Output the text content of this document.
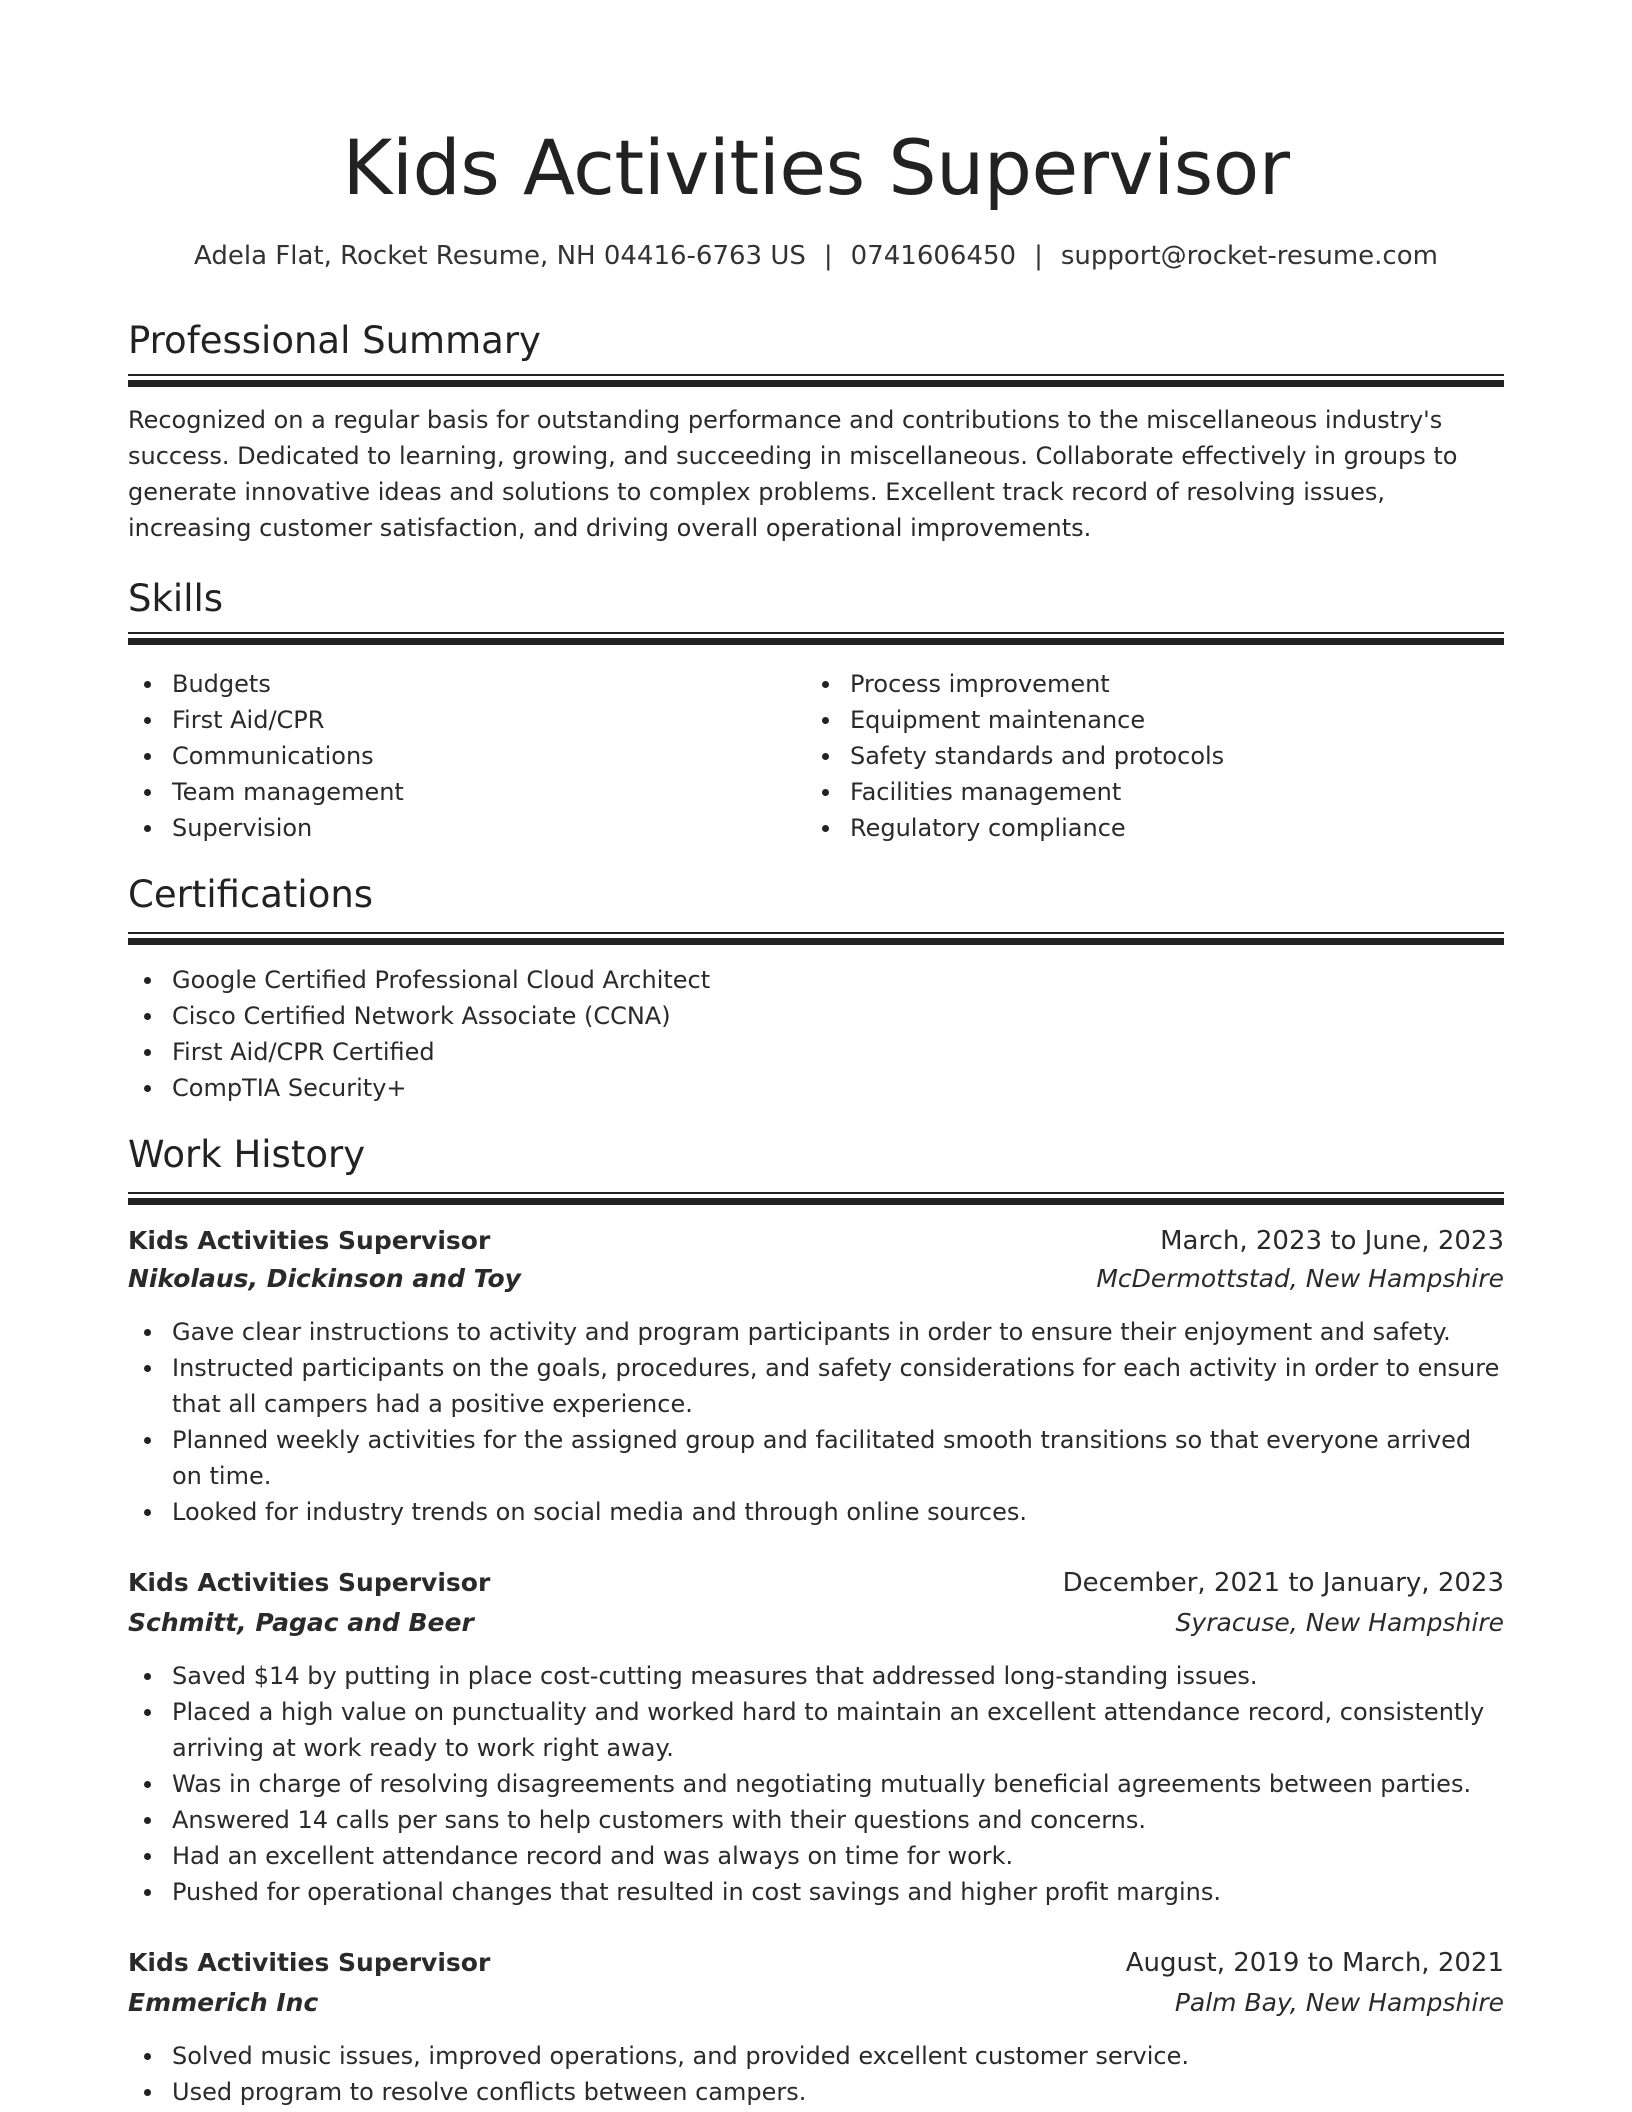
Kids Activities Supervisor
Adela Flat, Rocket Resume, NH 04416-6763 US | 0741606450 | support@rocket-resume.com
Professional Summary
Recognized on a regular basis for outstanding performance and contributions to the miscellaneous industry's success. Dedicated to learning, growing, and succeeding in miscellaneous. Collaborate effectively in groups to generate innovative ideas and solutions to complex problems. Excellent track record of resolving issues, increasing customer satisfaction, and driving overall operational improvements.
Skills
Budgets
First Aid/CPR
Communications
Team management
Supervision
Process improvement
Equipment maintenance
Safety standards and protocols
Facilities management
Regulatory compliance
Certifications
Google Certified Professional Cloud Architect
Cisco Certified Network Associate (CCNA)
First Aid/CPR Certified
CompTIA Security+
Work History
Kids Activities Supervisor	March, 2023 to June, 2023
Nikolaus, Dickinson and Toy	McDermottstad, New Hampshire
Gave clear instructions to activity and program participants in order to ensure their enjoyment and safety.
Instructed participants on the goals, procedures, and safety considerations for each activity in order to ensure that all campers had a positive experience.
Planned weekly activities for the assigned group and facilitated smooth transitions so that everyone arrived on time.
Looked for industry trends on social media and through online sources.
Kids Activities Supervisor	December, 2021 to January, 2023
Schmitt, Pagac and Beer	Syracuse, New Hampshire
Saved $14 by putting in place cost-cutting measures that addressed long-standing issues.
Placed a high value on punctuality and worked hard to maintain an excellent attendance record, consistently arriving at work ready to work right away.
Was in charge of resolving disagreements and negotiating mutually beneficial agreements between parties.
Answered 14 calls per sans to help customers with their questions and concerns.
Had an excellent attendance record and was always on time for work.
Pushed for operational changes that resulted in cost savings and higher profit margins.
Kids Activities Supervisor	August, 2019 to March, 2021
Emmerich Inc	Palm Bay, New Hampshire
Solved music issues, improved operations, and provided excellent customer service.
Used program to resolve conflicts between campers.
